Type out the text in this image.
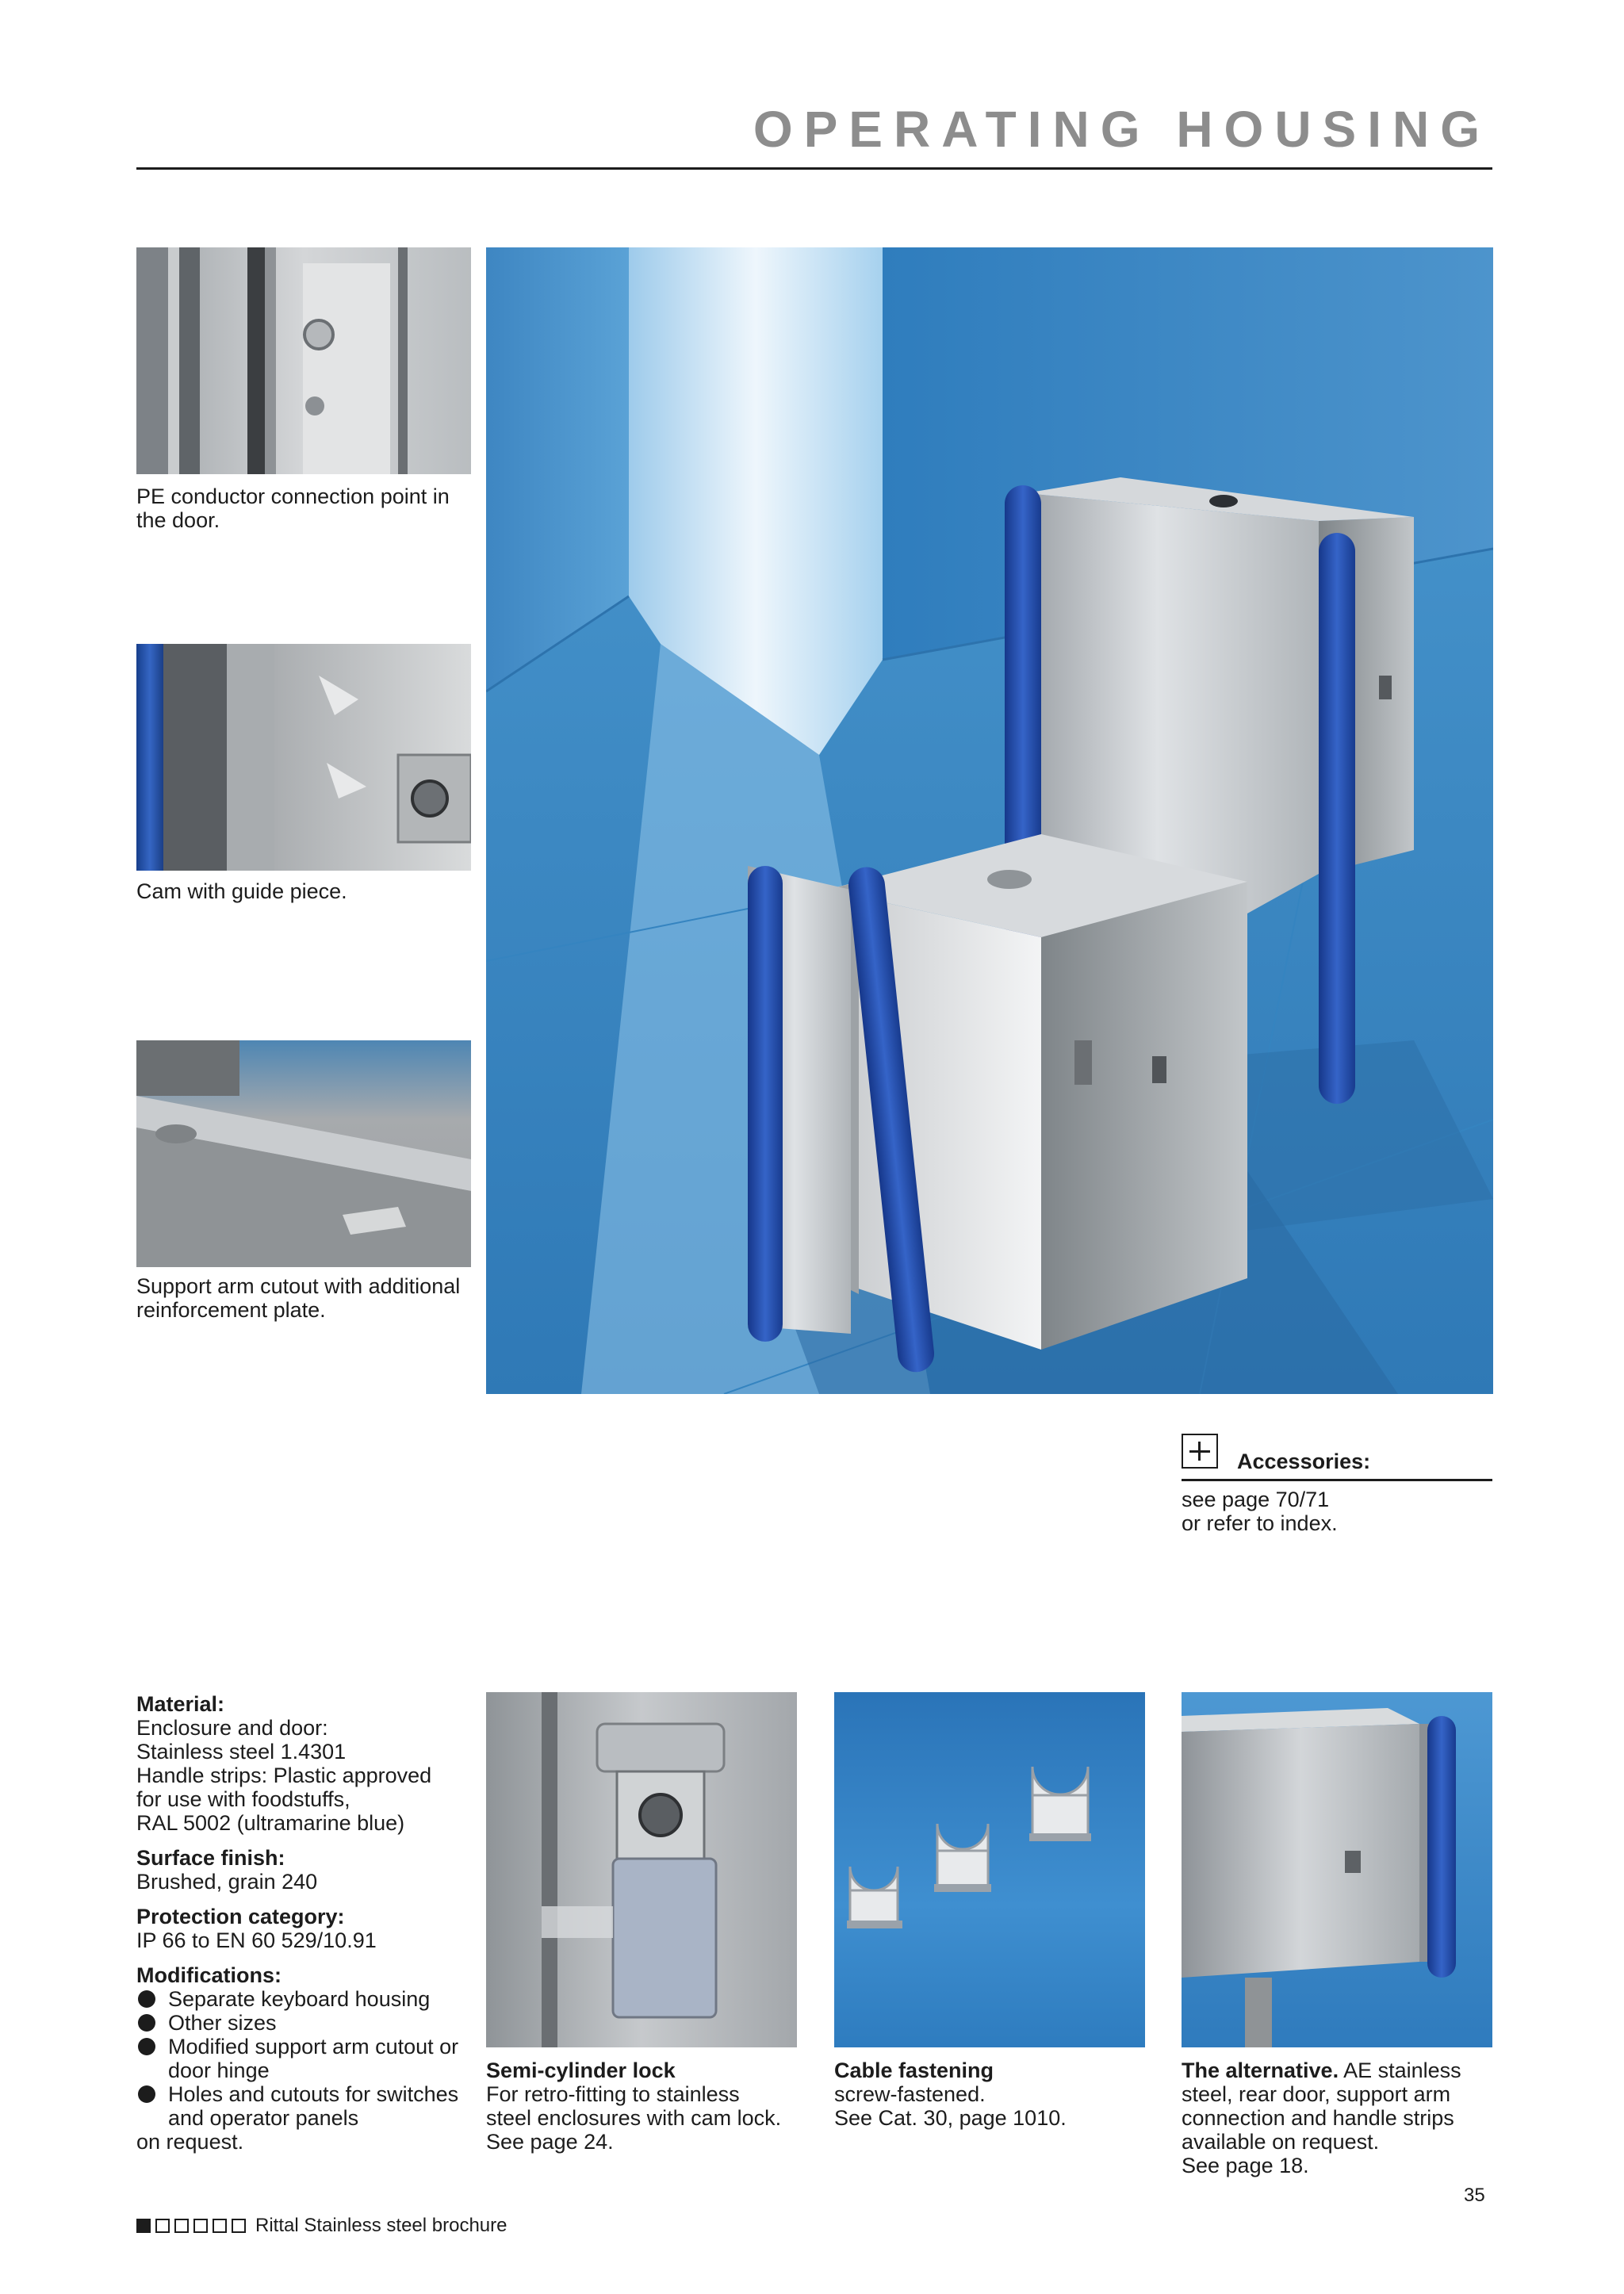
OPERATING HOUSING
PE conductor connection point in the door.
Cam with guide piece.
Support arm cutout with additional reinforcement plate.
Accessories:

see page 70/71

or refer to index.

Material:

Enclosure and door:

Stainless steel 1.4301

Handle strips: Plastic approved

for use with foodstuffs,

RAL 5002 (ultramarine blue)

Surface finish:

Brushed, grain 240

Protection category:

IP 66 to EN 60 529/10.91

Modifications:

Separate keyboard housing
Other sizes
Modified support arm cutout or door hinge
Holes and cutouts for switches and operator panels

on request.

Semi-cylinder lock

For retro-fitting to stainless

steel enclosures with cam lock.

See page 24.

Cable fastening

screw-fastened.

See Cat. 30, page 1010.

The alternative. AE stainless

steel, rear door, support arm

connection and handle strips

available on request.

See page 18.

35
Rittal Stainless steel brochure
